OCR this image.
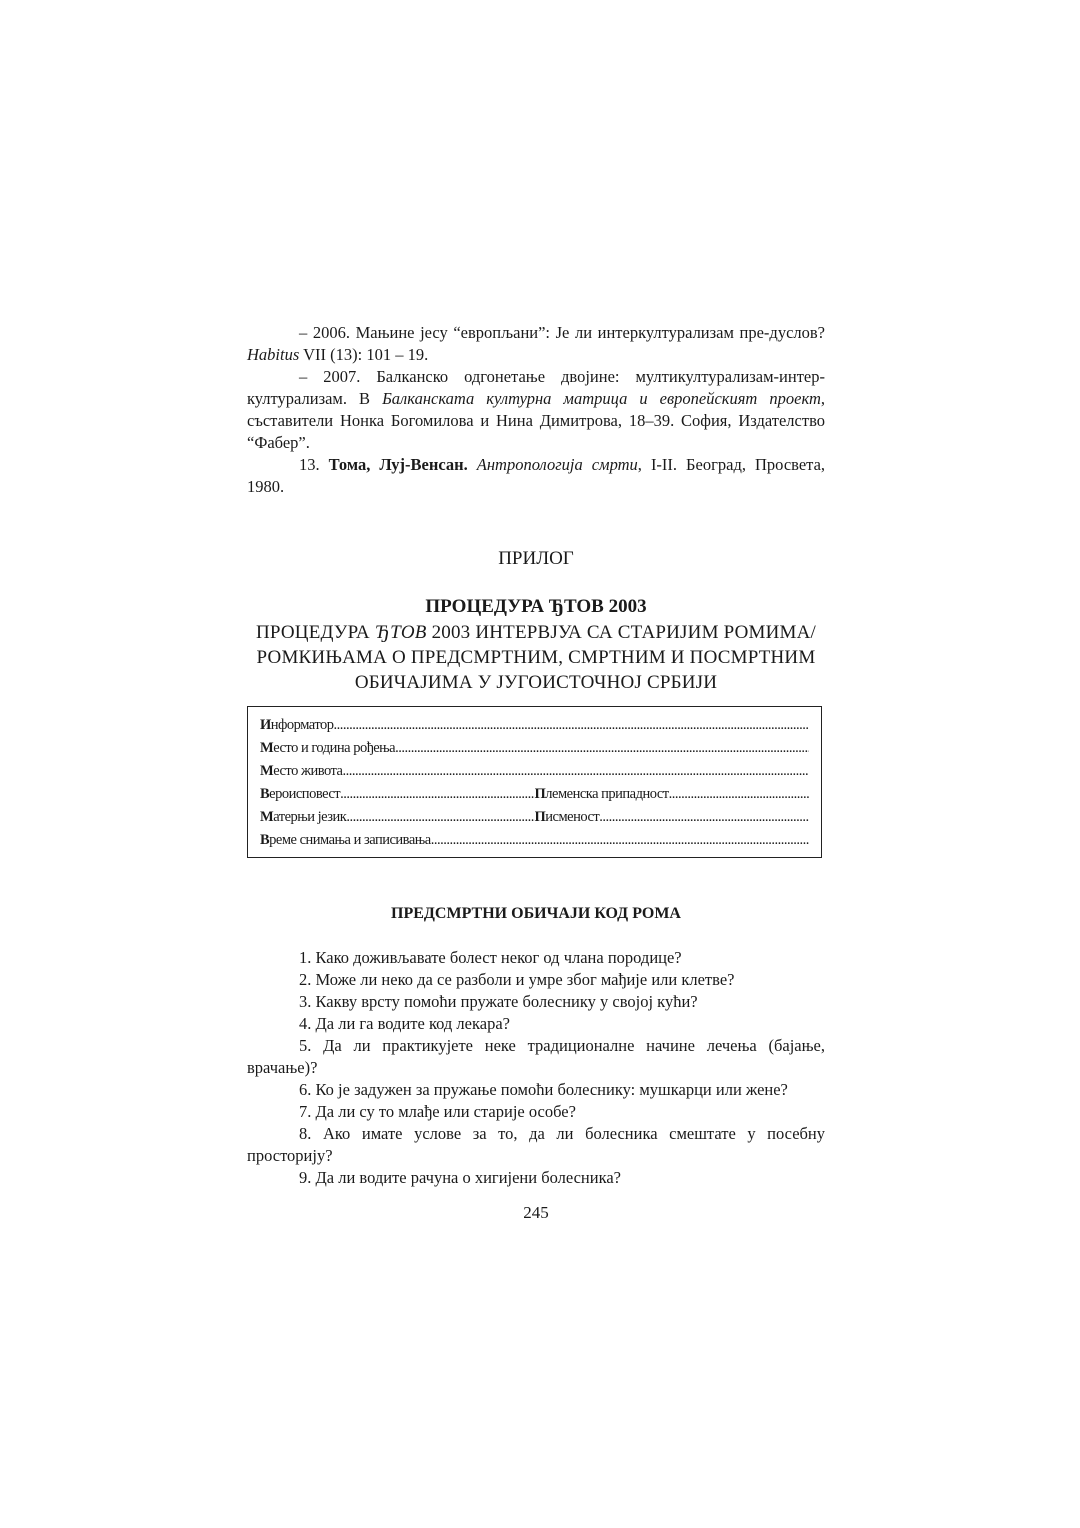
– 2006. Мањине јесу “европљани”: Је ли интеркултурализам пре-дуслов? Habitus VII (13): 101 – 19.

– 2007. Балканско одгонетање двојине: мултикултурализам-интер-културализам. В Балканската културна матрица и европейският проект, съставители Нонка Богомилова и Нина Димитрова, 18–39. София, Издателство “Фабер”.

13. Тома, Луј-Венсан. Антропологија смрти, I-II. Београд, Просвета, 1980.

ПРИЛОГ
ПРОЦЕДУРА ЂТОВ 2003
ПРОЦЕДУРА ЂТОВ 2003 ИНТЕРВЈУА СА СТАРИЈИМ РОМИМА/РОМКИЊАМА О ПРЕДСМРТНИМ, СМРТНИМ И ПОСМРТНИМ ОБИЧАЈИМА У ЈУГОИСТОЧНОЈ СРБИЈИ
И нформатор
.....
М есто и година рођења
.....
М есто живота
.....
В ероисповест .....	П леменска припадност
.....
М атерњи језик .....	П исменост
.....
В реме снимања и записивања
.....
ПРЕДСМРТНИ ОБИЧАЈИ КОД РОМА

1. Како доживљавате болест неког од члана породице?

2. Може ли неко да се разболи и умре због мађије или клетве?

3. Какву врсту помоћи пружате болеснику у својој кући?

4. Да ли га водите код лекара?

5. Да ли практикујете неке традиционалне начине лечења (бајање, врачање)?

6. Ко је задужен за пружање помоћи болеснику: мушкарци или жене?

7. Да ли су то млађе или старије особе?

8. Ако имате услове за то, да ли болесника смештате у посебну просторију?

9. Да ли водите рачуна о хигијени болесника?

245
